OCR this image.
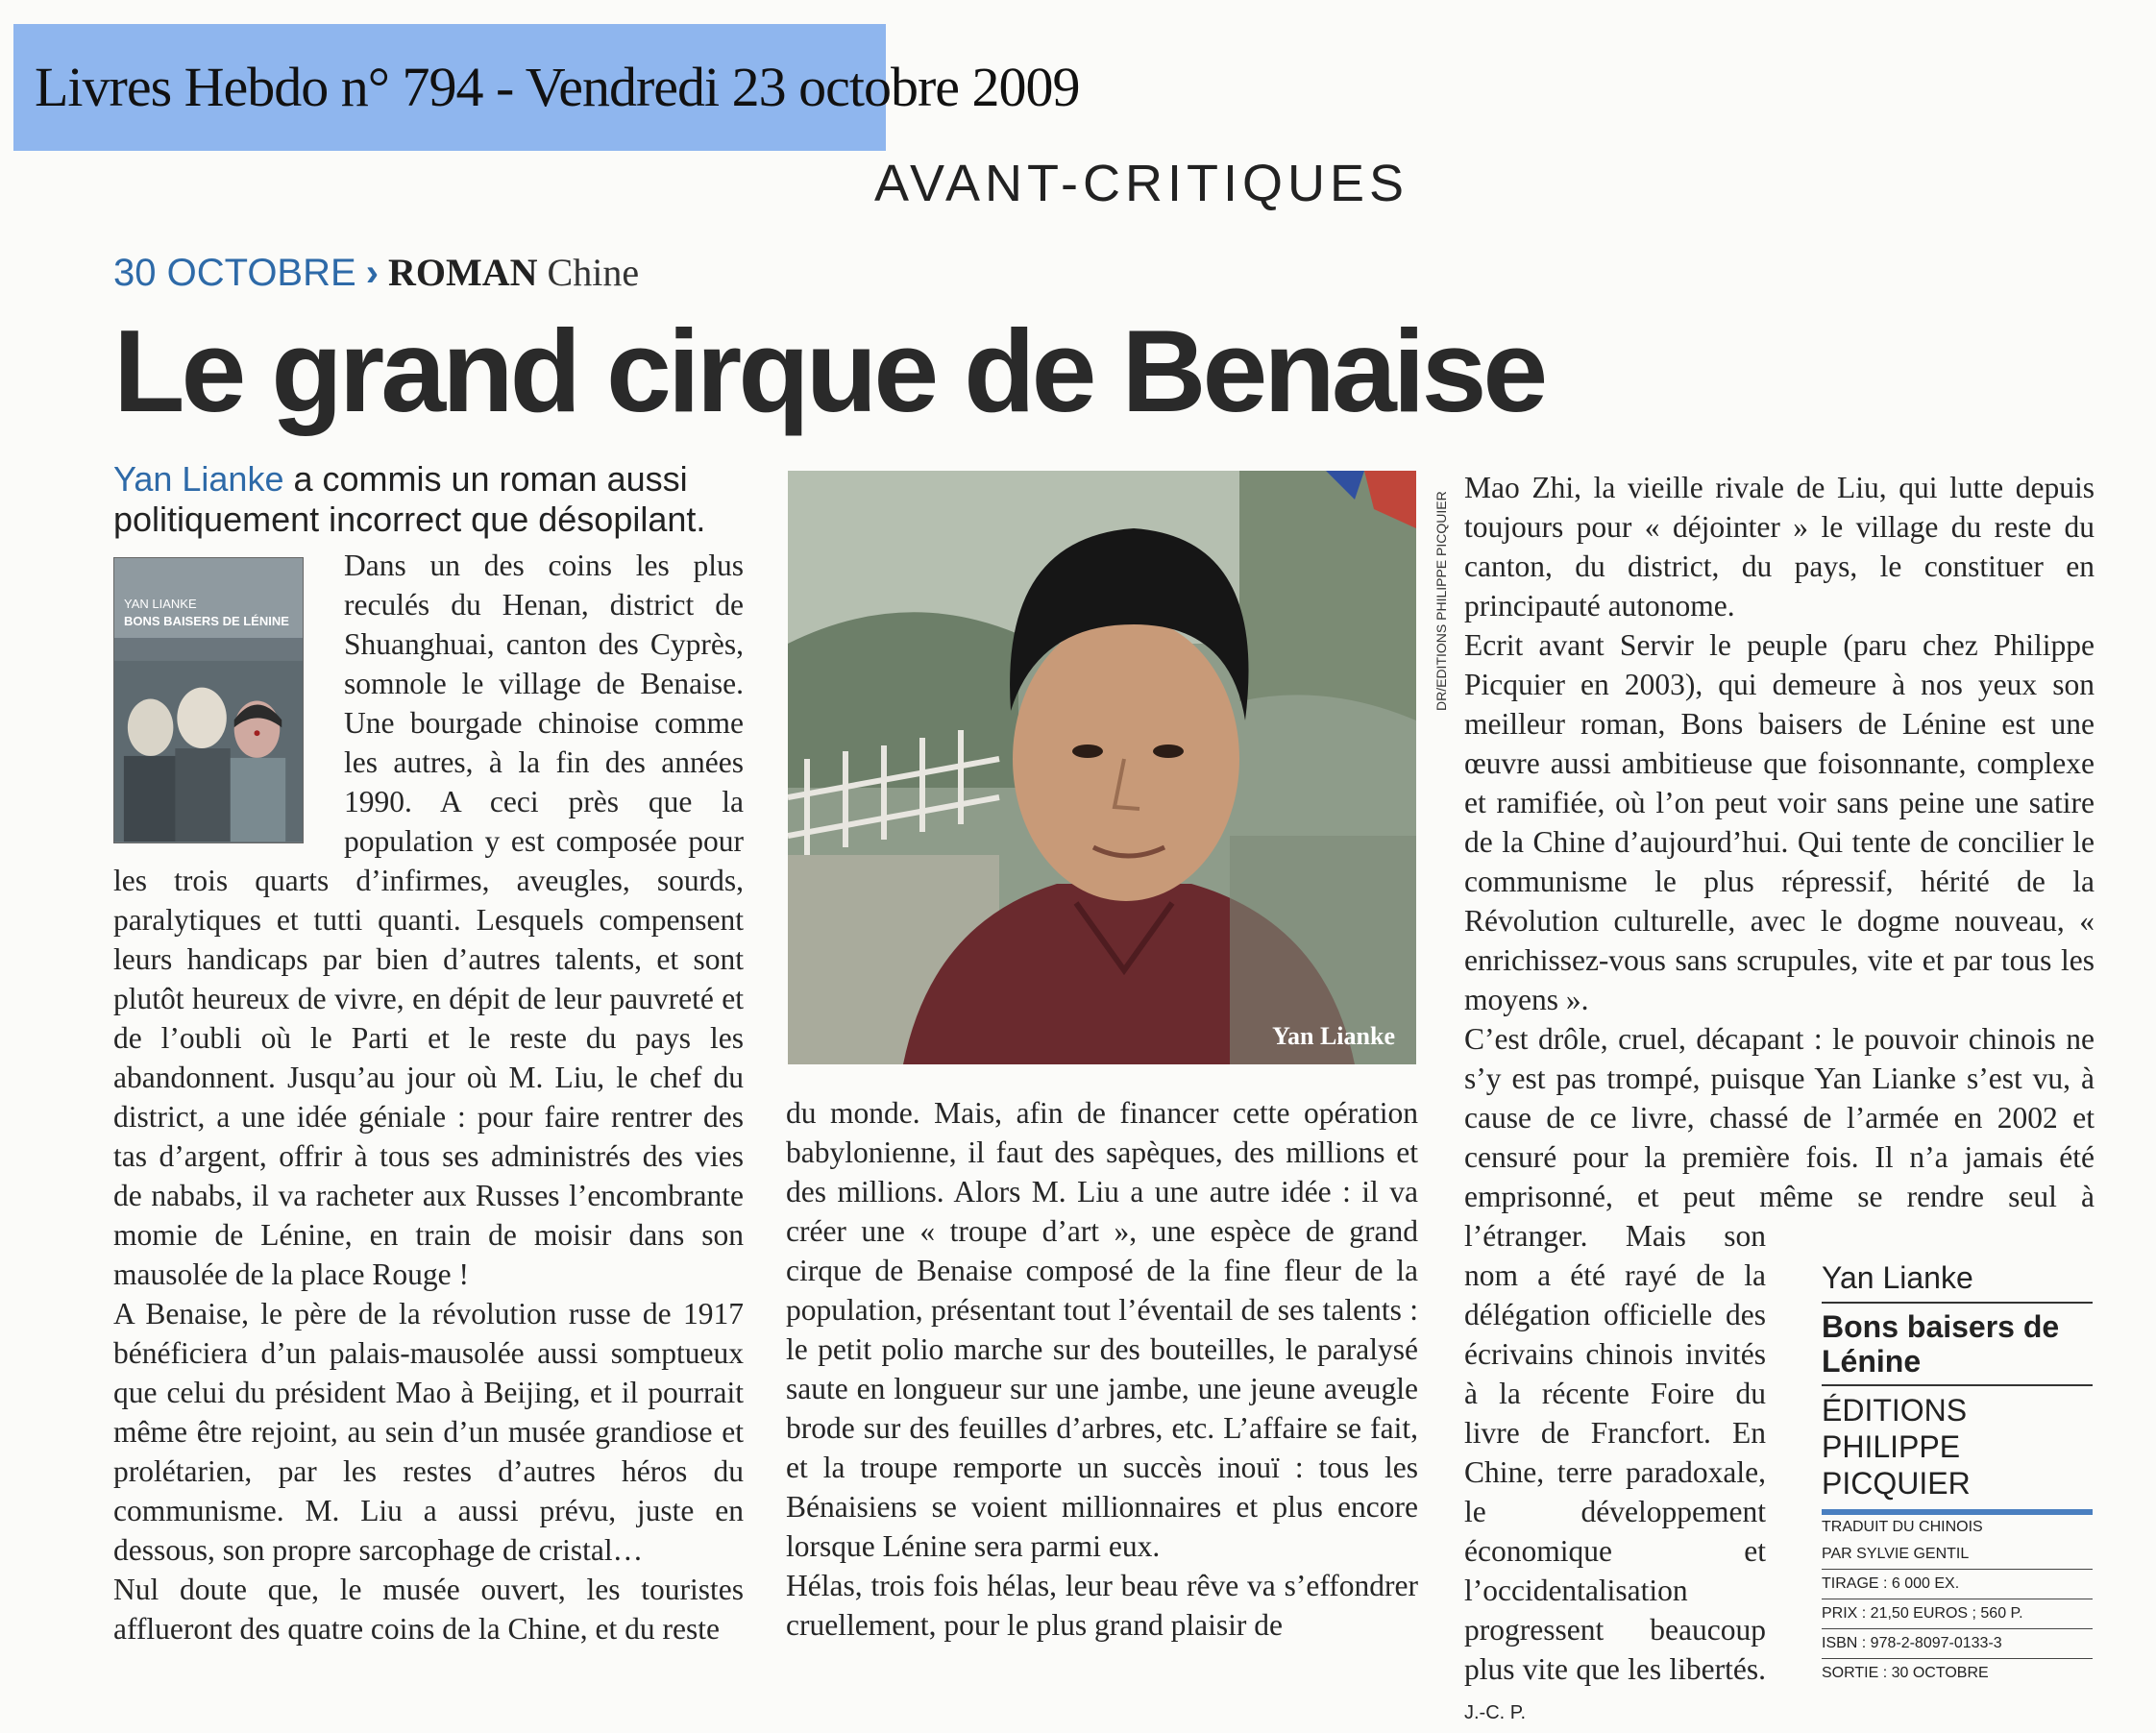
Livres Hebdo n° 794 - Vendredi 23 octobre 2009
AVANT-CRITIQUES
30 OCTOBRE › ROMAN Chine
Le grand cirque de Benaise
Yan Lianke a commis un roman aussi politiquement incorrect que désopilant.

Dans un des coins les plus reculés du Henan, district de Shuanghuai, canton des Cyprès, somnole le village de Benaise. Une bourgade chinoise comme les autres, à la fin des années 1990. A ceci près que la population y est composée pour les trois quarts d’infirmes, aveugles, sourds, paralytiques et tutti quanti. Lesquels compensent leurs handicaps par bien d’autres talents, et sont plutôt heureux de vivre, en dépit de leur pauvreté et de l’oubli où le Parti et le reste du pays les abandonnent. Jusqu’au jour où M. Liu, le chef du district, a une idée géniale : pour faire rentrer des tas d’argent, offrir à tous ses administrés des vies de nababs, il va racheter aux Russes l’encombrante momie de Lénine, en train de moisir dans son mausolée de la place Rouge !

A Benaise, le père de la révolution russe de 1917 bénéficiera d’un palais-mausolée aussi somptueux que celui du président Mao à Beijing, et il pourrait même être rejoint, au sein d’un musée grandiose et prolétarien, par les restes d’autres héros du communisme. M. Liu a aussi prévu, juste en dessous, son propre sarcophage de cristal…

Nul doute que, le musée ouvert, les touristes afflueront des quatre coins de la Chine, et du reste

YAN LIANKE
BONS BAISERS DE LÉNINE
Yan Lianke
DR/EDITIONS PHILIPPE PICQUIER

du monde. Mais, afin de financer cette opération babylonienne, il faut des sapèques, des millions et des millions. Alors M. Liu a une autre idée : il va créer une « troupe d’art », une espèce de grand cirque de Benaise composé de la fine fleur de la population, présentant tout l’éventail de ses talents : le petit polio marche sur des bouteilles, le paralysé saute en longueur sur une jambe, une jeune aveugle brode sur des feuilles d’arbres, etc. L’affaire se fait, et la troupe remporte un succès inouï : tous les Bénaisiens se voient millionnaires et plus encore lorsque Lénine sera parmi eux.

Hélas, trois fois hélas, leur beau rêve va s’effondrer cruellement, pour le plus grand plaisir de

Mao Zhi, la vieille rivale de Liu, qui lutte depuis toujours pour « déjointer » le village du reste du canton, du district, du pays, le constituer en principauté autonome.

Ecrit avant Servir le peuple (paru chez Philippe Picquier en 2003), qui demeure à nos yeux son meilleur roman, Bons baisers de Lénine est une œuvre aussi ambitieuse que foisonnante, complexe et ramifiée, où l’on peut voir sans peine une satire de la Chine d’aujourd’hui. Qui tente de concilier le communisme le plus répressif, hérité de la Révolution culturelle, avec le dogme nouveau, « enrichissez-vous sans scrupules, vite et par tous les moyens ».

C’est drôle, cruel, décapant : le pouvoir chinois ne s’y est pas trompé, puisque Yan Lianke s’est vu, à cause de ce livre, chassé de l’armée en 2002 et censuré pour la première fois. Il n’a jamais été emprisonné, et peut même se rendre seul à l’étranger. Mais son nom a été rayé de la délégation officielle des écrivains chinois invités à la récente Foire du livre de Francfort. En Chine, terre paradoxale, le développement économique et l’occidentalisation progressent beaucoup plus vite que les libertés. J.-C. P.

Yan Lianke
Bons baisers de Lénine
ÉDITIONS PHILIPPE PICQUIER
TRADUIT DU CHINOIS
PAR SYLVIE GENTIL
TIRAGE : 6 000 EX.
PRIX : 21,50 EUROS ; 560 P.
ISBN : 978-2-8097-0133-3
SORTIE : 30 OCTOBRE
